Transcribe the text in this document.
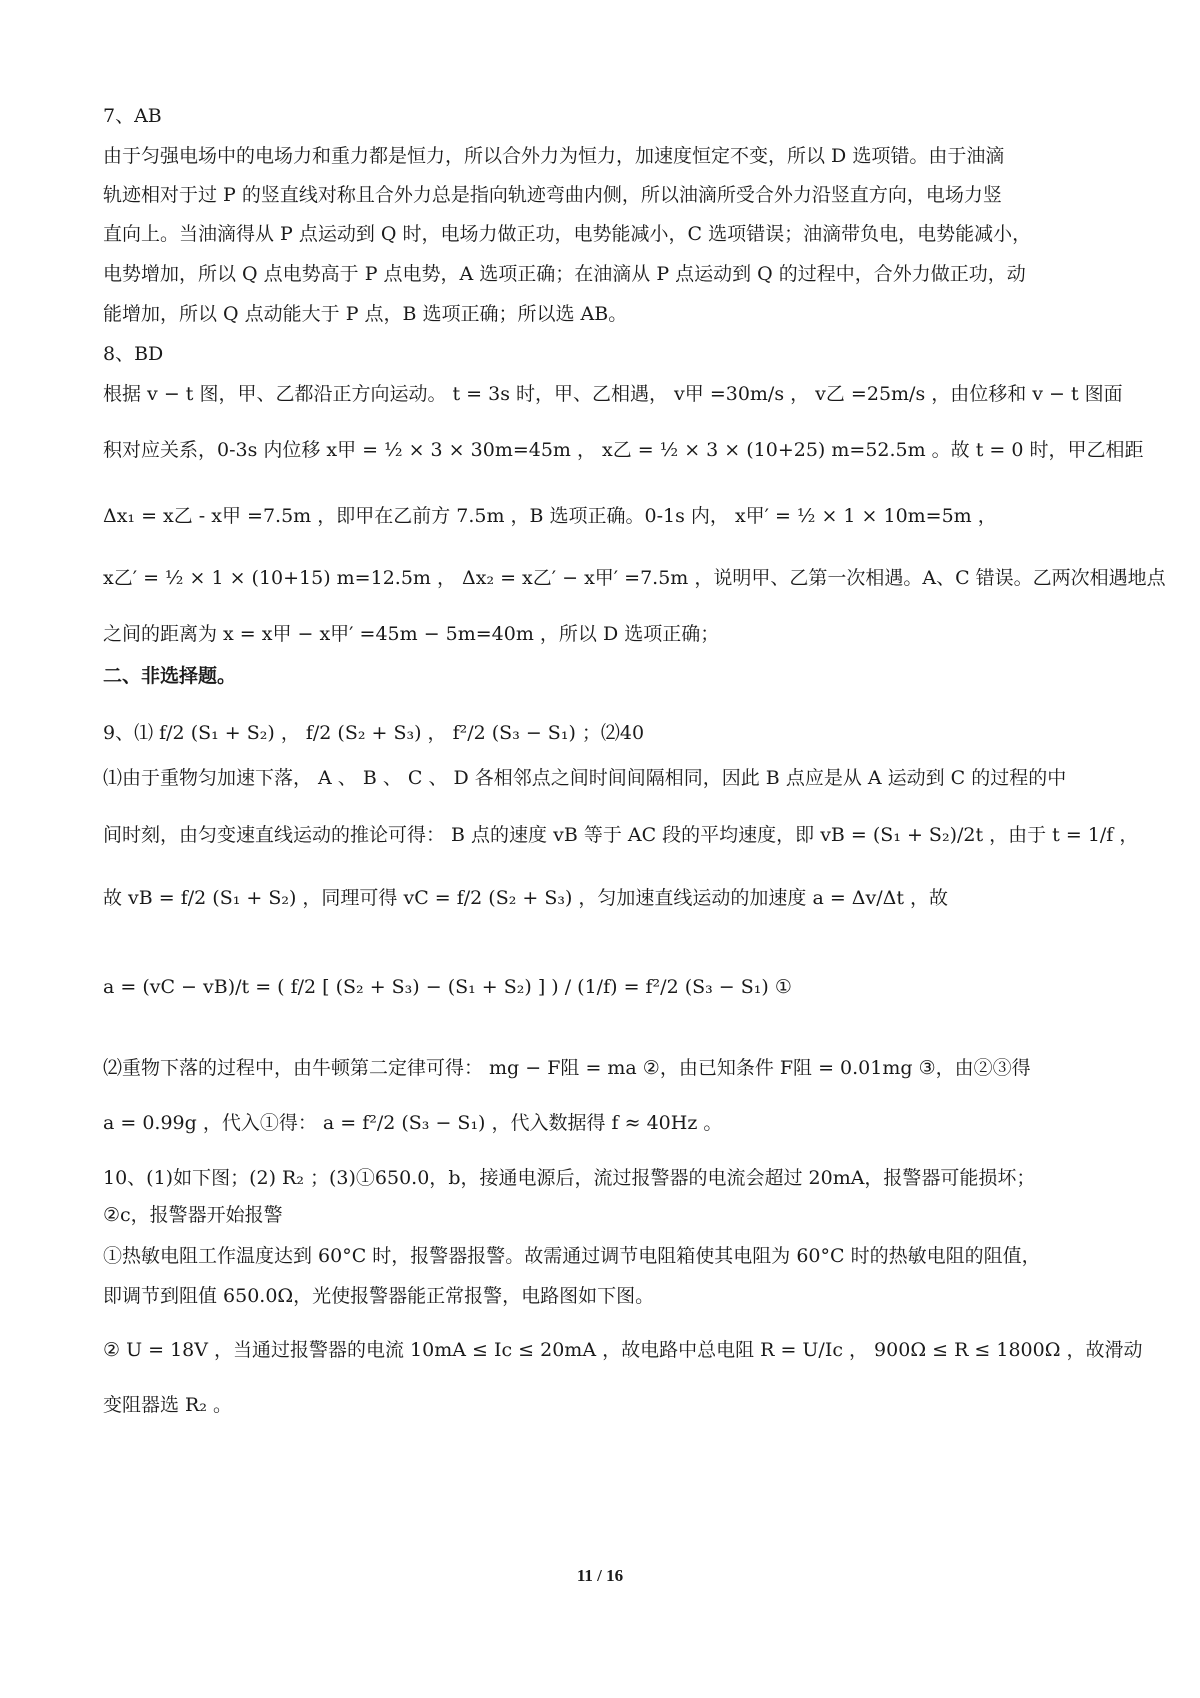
7、AB
由于匀强电场中的电场力和重力都是恒力，所以合外力为恒力，加速度恒定不变，所以 D 选项错。由于油滴
轨迹相对于过 P 的竖直线对称且合外力总是指向轨迹弯曲内侧，所以油滴所受合外力沿竖直方向，电场力竖
直向上。当油滴得从 P 点运动到 Q 时，电场力做正功，电势能减小，C 选项错误；油滴带负电，电势能减小，
电势增加，所以 Q 点电势高于 P 点电势，A 选项正确；在油滴从 P 点运动到 Q 的过程中，合外力做正功，动
能增加，所以 Q 点动能大于 P 点，B 选项正确；所以选 AB。
8、BD
根据 v − t 图，甲、乙都沿正方向运动。 t = 3s 时，甲、乙相遇， v甲 =30m/s ， v乙 =25m/s ，由位移和 v − t 图面
积对应关系，0-3s 内位移 x甲 = ½ × 3 × 30m=45m ， x乙 = ½ × 3 × (10+25) m=52.5m 。故 t = 0 时，甲乙相距
Δx₁ = x乙 - x甲 =7.5m ，即甲在乙前方 7.5m ，B 选项正确。0-1s 内， x甲′ = ½ × 1 × 10m=5m ，
x乙′ = ½ × 1 × (10+15) m=12.5m ， Δx₂ = x乙′ − x甲′ =7.5m ，说明甲、乙第一次相遇。A、C 错误。乙两次相遇地点
之间的距离为 x = x甲 − x甲′ =45m − 5m=40m ，所以 D 选项正确；
二、非选择题。
9、⑴ f/2 (S₁ + S₂) ， f/2 (S₂ + S₃) ， f²/2 (S₃ − S₁) ；⑵40
⑴由于重物匀加速下落， A 、 B 、 C 、 D 各相邻点之间时间间隔相同，因此 B 点应是从 A 运动到 C 的过程的中
间时刻，由匀变速直线运动的推论可得： B 点的速度 vB 等于 AC 段的平均速度，即 vB = (S₁ + S₂)/2t ，由于 t = 1/f ，
故 vB = f/2 (S₁ + S₂) ，同理可得 vC = f/2 (S₂ + S₃) ，匀加速直线运动的加速度 a = Δv/Δt ，故
a = (vC − vB)/t = ( f/2 [ (S₂ + S₃) − (S₁ + S₂) ] ) / (1/f) = f²/2 (S₃ − S₁) ①
⑵重物下落的过程中，由牛顿第二定律可得： mg − F阻 = ma ②，由已知条件 F阻 = 0.01mg ③，由②③得
a = 0.99g ，代入①得： a = f²/2 (S₃ − S₁) ，代入数据得 f ≈ 40Hz 。
10、(1)如下图；(2) R₂ ；(3)①650.0，b，接通电源后，流过报警器的电流会超过 20mA，报警器可能损坏；
②c，报警器开始报警
①热敏电阻工作温度达到 60°C 时，报警器报警。故需通过调节电阻箱使其电阻为 60°C 时的热敏电阻的阻值，
即调节到阻值 650.0Ω，光使报警器能正常报警，电路图如下图。
② U = 18V ，当通过报警器的电流 10mA ≤ Ic ≤ 20mA ，故电路中总电阻 R = U/Ic ， 900Ω ≤ R ≤ 1800Ω ，故滑动
变阻器选 R₂ 。
11 / 16
